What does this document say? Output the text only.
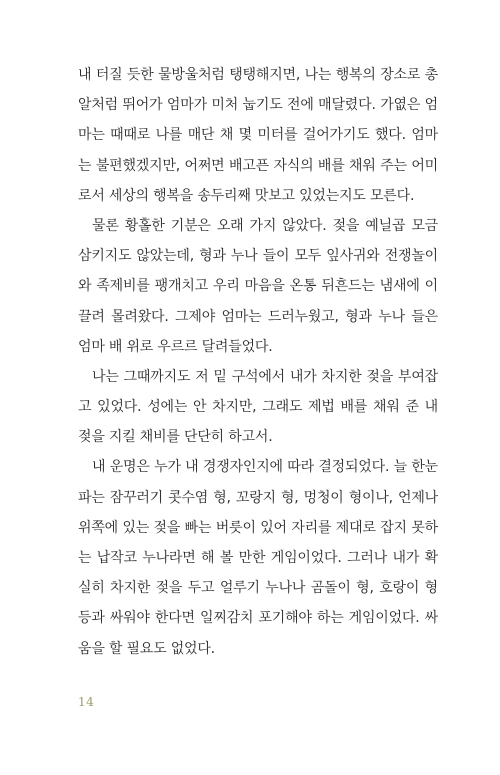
내 터질 듯한 물방울처럼 탱탱해지면, 나는 행복의 장소로 총
알처럼 뛰어가 엄마가 미처 눕기도 전에 매달렸다. 가엾은 엄
마는 때때로 나를 매단 채 몇 미터를 걸어가기도 했다. 엄마
는 불편했겠지만, 어쩌면 배고픈 자식의 배를 채워 주는 어미
로서 세상의 행복을 송두리째 맛보고 있었는지도 모른다.
물론 황홀한 기분은 오래 가지 않았다. 젖을 예닐곱 모금
삼키지도 않았는데, 형과 누나 들이 모두 잎사귀와 전쟁놀이
와 족제비를 팽개치고 우리 마음을 온통 뒤흔드는 냄새에 이
끌려 몰려왔다. 그제야 엄마는 드러누웠고, 형과 누나 들은
엄마 배 위로 우르르 달려들었다.
나는 그때까지도 저 밑 구석에서 내가 차지한 젖을 부여잡
고 있었다. 성에는 안 차지만, 그래도 제법 배를 채워 준 내
젖을 지킬 채비를 단단히 하고서.
내 운명은 누가 내 경쟁자인지에 따라 결정되었다. 늘 한눈
파는 잠꾸러기 콧수염 형, 꼬랑지 형, 멍청이 형이나, 언제나
위쪽에 있는 젖을 빠는 버릇이 있어 자리를 제대로 잡지 못하
는 납작코 누나라면 해 볼 만한 게임이었다. 그러나 내가 확
실히 차지한 젖을 두고 얼루기 누나나 곰돌이 형, 호랑이 형
등과 싸워야 한다면 일찌감치 포기해야 하는 게임이었다. 싸
움을 할 필요도 없었다.
14
